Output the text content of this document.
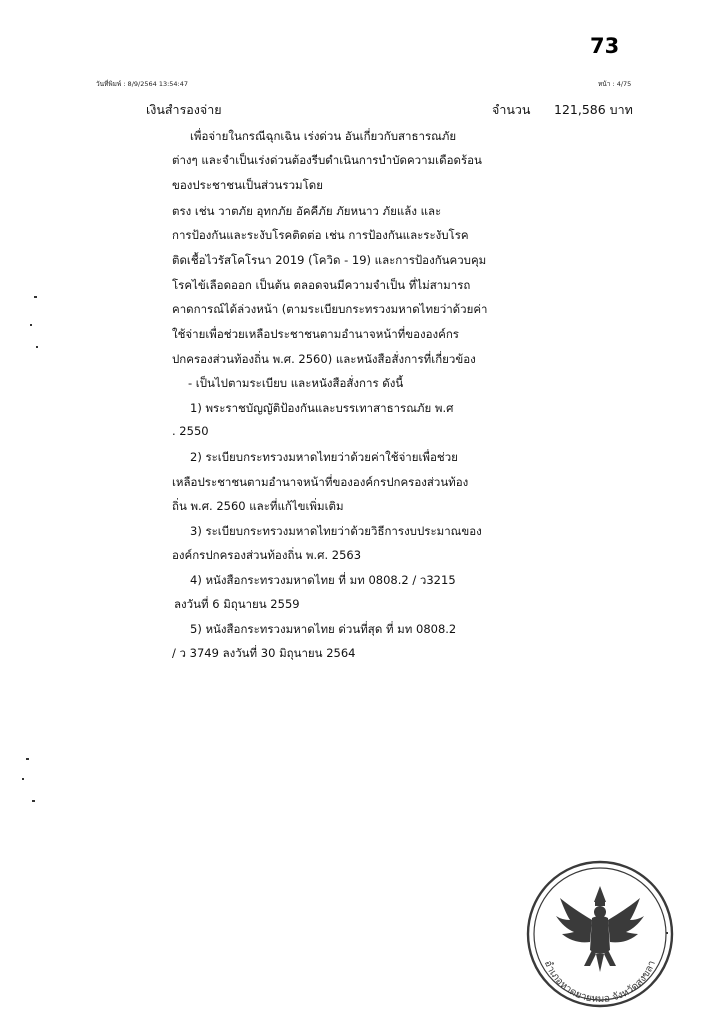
73
วันที่พิมพ์ : 8/9/2564 13:54:47	หน้า : 4/75
เงินสำรองจ่าย	จำนวน 121,586 บาท
เพื่อจ่ายในกรณีฉุกเฉิน เร่งด่วน อันเกี่ยวกับสาธารณภัย
ต่างๆ และจำเป็นเร่งด่วนต้องรีบดำเนินการบำบัดความเดือดร้อน
ของประชาชนเป็นส่วนรวมโดย
ตรง เช่น วาตภัย อุทกภัย อัคคีภัย ภัยหนาว ภัยแล้ง และ
การป้องกันและระงับโรคติดต่อ เช่น การป้องกันและระงับโรค
ติดเชื้อไวรัสโคโรนา 2019 (โควิด - 19) และการป้องกันควบคุม
โรคไข้เลือดออก เป็นต้น ตลอดจนมีความจำเป็น ที่ไม่สามารถ
คาดการณ์ได้ล่วงหน้า (ตามระเบียบกระทรวงมหาดไทยว่าด้วยค่า
ใช้จ่ายเพื่อช่วยเหลือประชาชนตามอำนาจหน้าที่ขององค์กร
ปกครองส่วนท้องถิ่น พ.ศ. 2560) และหนังสือสั่งการที่เกี่ยวข้อง
- เป็นไปตามระเบียบ และหนังสือสั่งการ ดังนี้
1) พระราชบัญญัติป้องกันและบรรเทาสาธารณภัย พ.ศ
. 2550
2) ระเบียบกระทรวงมหาดไทยว่าด้วยค่าใช้จ่ายเพื่อช่วย
เหลือประชาชนตามอำนาจหน้าที่ขององค์กรปกครองส่วนท้อง
ถิ่น พ.ศ. 2560 และที่แก้ไขเพิ่มเติม
3) ระเบียบกระทรวงมหาดไทยว่าด้วยวิธีการงบประมาณของ
องค์กรปกครองส่วนท้องถิ่น พ.ศ. 2563
4) หนังสือกระทรวงมหาดไทย ที่ มท 0808.2 / ว3215
ลงวันที่ 6 มิถุนายน 2559
5) หนังสือกระทรวงมหาดไทย ด่วนที่สุด ที่ มท 0808.2
/ ว 3749 ลงวันที่ 30 มิถุนายน 2564
อำเภอหาดยายหมอ จังหวัดสงขลา
